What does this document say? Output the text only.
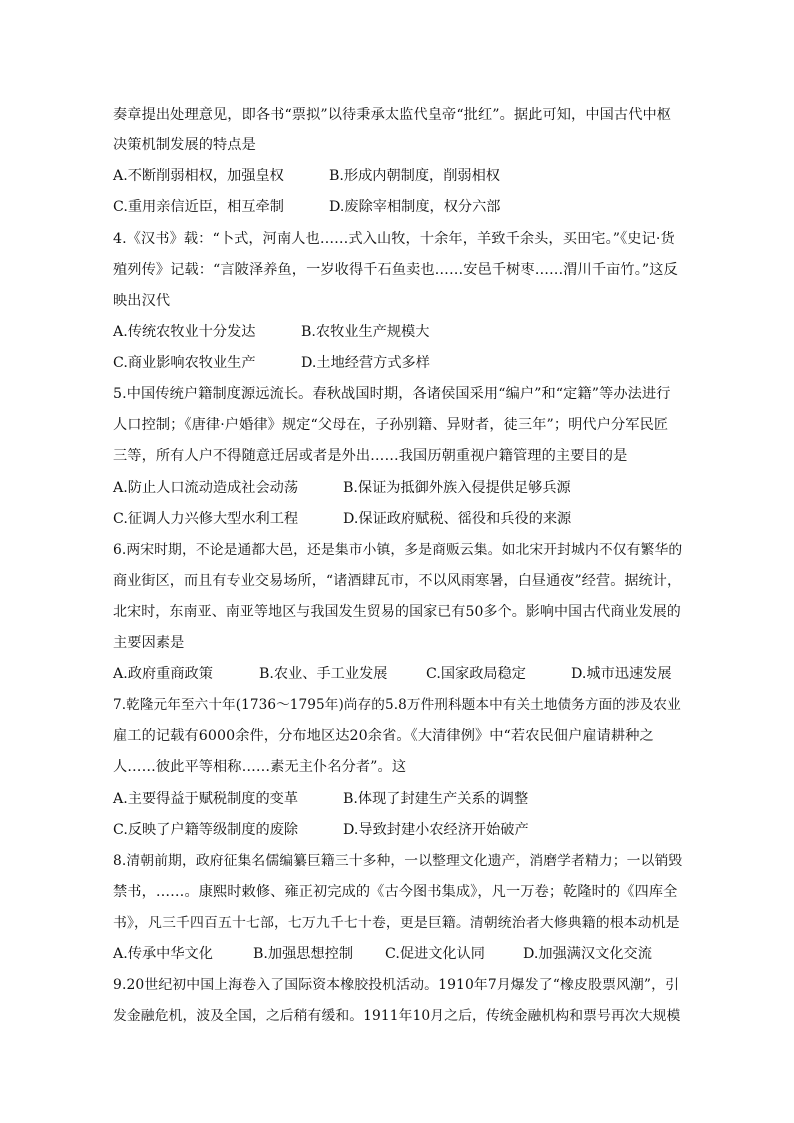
奏章提出处理意见，即各书“票拟”以待秉承太监代皇帝“批红”。据此可知，中国古代中枢
决策机制发展的特点是
A.不断削弱相权，加强皇权	B.形成内朝制度，削弱相权
C.重用亲信近臣，相互牵制	D.废除宰相制度，权分六部
4.《汉书》载：“卜式，河南人也……式入山牧，十余年，羊致千余头，买田宅。”《史记·货
殖列传》记载：“言陂泽养鱼，一岁收得千石鱼卖也……安邑千树枣……渭川千亩竹。”这反
映出汉代
A.传统农牧业十分发达	B.农牧业生产规模大
C.商业影响农牧业生产	D.土地经营方式多样
5.中国传统户籍制度源远流长。春秋战国时期，各诸侯国采用“编户”和“定籍”等办法进行
人口控制；《唐律·户婚律》规定“父母在，子孙别籍、异财者，徒三年”；明代户分军民匠
三等，所有人户不得随意迁居或者是外出……我国历朝重视户籍管理的主要目的是
A.防止人口流动造成社会动荡	B.保证为抵御外族入侵提供足够兵源
C.征调人力兴修大型水利工程	D.保证政府赋税、徭役和兵役的来源
6.两宋时期，不论是通都大邑，还是集市小镇，多是商贩云集。如北宋开封城内不仅有繁华的
商业街区，而且有专业交易场所，“诸酒肆瓦市，不以风雨寒暑，白昼通夜”经营。据统计，
北宋时，东南亚、南亚等地区与我国发生贸易的国家已有50多个。影响中国古代商业发展的
主要因素是
A.政府重商政策	B.农业、手工业发展	C.国家政局稳定	D.城市迅速发展
7.乾隆元年至六十年(1736～1795年)尚存的5.8万件刑科题本中有关土地债务方面的涉及农业
雇工的记载有6000余件，分布地区达20余省。《大清律例》中“若农民佃户雇请耕种之
人……彼此平等相称……素无主仆名分者”。这
A.主要得益于赋税制度的变革	B.体现了封建生产关系的调整
C.反映了户籍等级制度的废除	D.导致封建小农经济开始破产
8.清朝前期，政府征集名儒编纂巨籍三十多种，一以整理文化遗产，消磨学者精力；一以销毁
禁书，……。康熙时敕修、雍正初完成的《古今图书集成》，凡一万卷；乾隆时的《四库全
书》，凡三千四百五十七部，七万九千七十卷，更是巨籍。清朝统治者大修典籍的根本动机是
A.传承中华文化	B.加强思想控制 C.促进文化认同	D.加强满汉文化交流
9.20世纪初中国上海卷入了国际资本橡胶投机活动。1910年7月爆发了“橡皮股票风潮”，引
发金融危机，波及全国，之后稍有缓和。1911年10月之后，传统金融机构和票号再次大规模
